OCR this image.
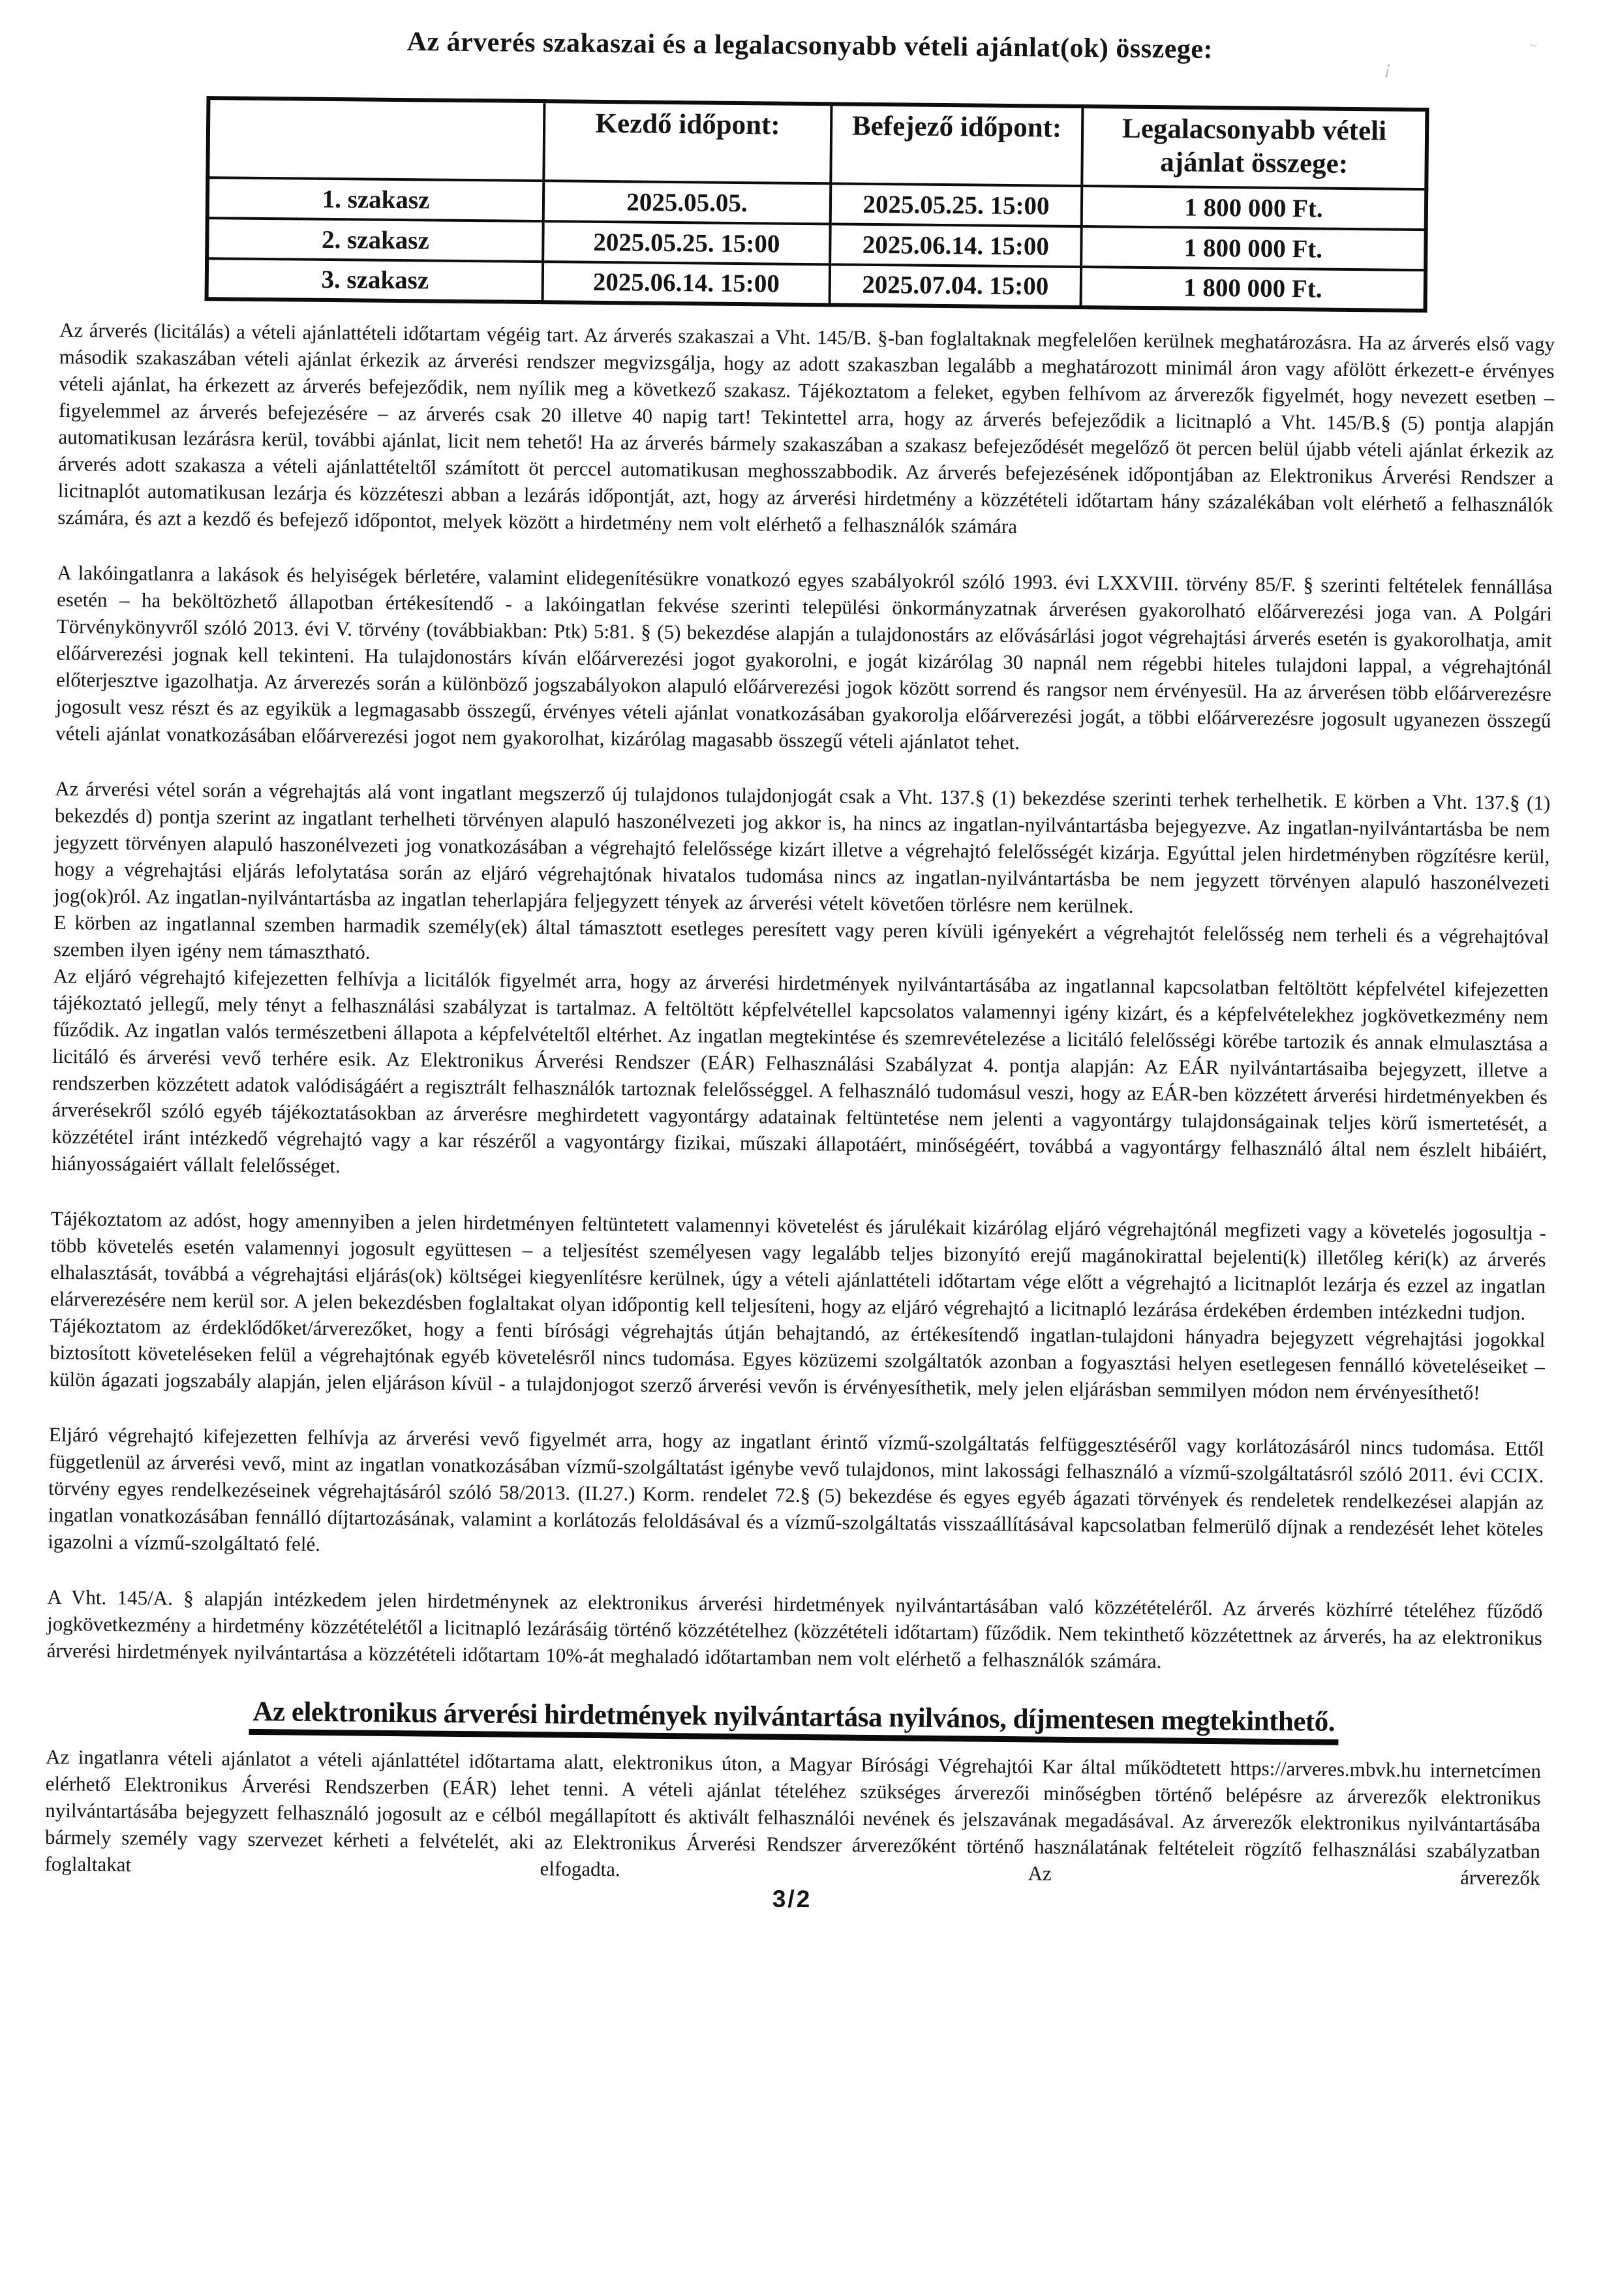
¡
˝
Az árverés szakaszai és a legalacsonyabb vételi ajánlat(ok) összege:
	Kezdő időpont:	Befejező időpont:	Legalacsonyabb vételi ajánlat összege:
1. szakasz	2025.05.05.	2025.05.25. 15:00	1 800 000 Ft.
2. szakasz	2025.05.25. 15:00	2025.06.14. 15:00	1 800 000 Ft.
3. szakasz	2025.06.14. 15:00	2025.07.04. 15:00	1 800 000 Ft.

Az árverés (licitálás) a vételi ajánlattételi időtartam végéig tart. Az árverés szakaszai a Vht. 145/B. §-ban foglaltaknak megfelelően kerülnek meghatározásra. Ha az árverés első vagy második szakaszában vételi ajánlat érkezik az árverési rendszer megvizsgálja, hogy az adott szakaszban legalább a meghatározott minimál áron vagy afölött érkezett-e érvényes vételi ajánlat, ha érkezett az árverés befejeződik, nem nyílik meg a következő szakasz. Tájékoztatom a feleket, egyben felhívom az árverezők figyelmét, hogy nevezett esetben – figyelemmel az árverés befejezésére – az árverés csak 20 illetve 40 napig tart! Tekintettel arra, hogy az árverés befejeződik a licitnapló a Vht. 145/B.§ (5) pontja alapján automatikusan lezárásra kerül, további ajánlat, licit nem tehető! Ha az árverés bármely szakaszában a szakasz befejeződését megelőző öt percen belül újabb vételi ajánlat érkezik az árverés adott szakasza a vételi ajánlattételtől számított öt perccel automatikusan meghosszabbodik. Az árverés befejezésének időpontjában az Elektronikus Árverési Rendszer a licitnaplót automatikusan lezárja és közzéteszi abban a lezárás időpontját, azt, hogy az árverési hirdetmény a közzétételi időtartam hány százalékában volt elérhető a felhasználók számára, és azt a kezdő és befejező időpontot, melyek között a hirdetmény nem volt elérhető a felhasználók számára

A lakóingatlanra a lakások és helyiségek bérletére, valamint elidegenítésükre vonatkozó egyes szabályokról szóló 1993. évi LXXVIII. törvény 85/F. § szerinti feltételek fennállása esetén – ha beköltözhető állapotban értékesítendő - a lakóingatlan fekvése szerinti települési önkormányzatnak árverésen gyakorolható előárverezési joga van. A Polgári Törvénykönyvről szóló 2013. évi V. törvény (továbbiakban: Ptk) 5:81. § (5) bekezdése alapján a tulajdonostárs az elővásárlási jogot végrehajtási árverés esetén is gyakorolhatja, amit előárverezési jognak kell tekinteni. Ha tulajdonostárs kíván előárverezési jogot gyakorolni, e jogát kizárólag 30 napnál nem régebbi hiteles tulajdoni lappal, a végrehajtónál előterjesztve igazolhatja. Az árverezés során a különböző jogszabályokon alapuló előárverezési jogok között sorrend és rangsor nem érvényesül. Ha az árverésen több előárverezésre jogosult vesz részt és az egyikük a legmagasabb összegű, érvényes vételi ajánlat vonatkozásában gyakorolja előárverezési jogát, a többi előárverezésre jogosult ugyanezen összegű vételi ajánlat vonatkozásában előárverezési jogot nem gyakorolhat, kizárólag magasabb összegű vételi ajánlatot tehet.

Az árverési vétel során a végrehajtás alá vont ingatlant megszerző új tulajdonos tulajdonjogát csak a Vht. 137.§ (1) bekezdése szerinti terhek terhelhetik. E körben a Vht. 137.§ (1) bekezdés d) pontja szerint az ingatlant terhelheti törvényen alapuló haszonélvezeti jog akkor is, ha nincs az ingatlan-nyilvántartásba bejegyezve. Az ingatlan-nyilvántartásba be nem jegyzett törvényen alapuló haszonélvezeti jog vonatkozásában a végrehajtó felelőssége kizárt illetve a végrehajtó felelősségét kizárja. Egyúttal jelen hirdetményben rögzítésre kerül, hogy a végrehajtási eljárás lefolytatása során az eljáró végrehajtónak hivatalos tudomása nincs az ingatlan-nyilvántartásba be nem jegyzett törvényen alapuló haszonélvezeti jog(ok)ról. Az ingatlan-nyilvántartásba az ingatlan teherlapjára feljegyzett tények az árverési vételt követően törlésre nem kerülnek.

E körben az ingatlannal szemben harmadik személy(ek) által támasztott esetleges peresített vagy peren kívüli igényekért a végrehajtót felelősség nem terheli és a végrehajtóval szemben ilyen igény nem támasztható.

Az eljáró végrehajtó kifejezetten felhívja a licitálók figyelmét arra, hogy az árverési hirdetmények nyilvántartásába az ingatlannal kapcsolatban feltöltött képfelvétel kifejezetten tájékoztató jellegű, mely tényt a felhasználási szabályzat is tartalmaz. A feltöltött képfelvétellel kapcsolatos valamennyi igény kizárt, és a képfelvételekhez jogkövetkezmény nem fűződik. Az ingatlan valós természetbeni állapota a képfelvételtől eltérhet. Az ingatlan megtekintése és szemrevételezése a licitáló felelősségi körébe tartozik és annak elmulasztása a licitáló és árverési vevő terhére esik. Az Elektronikus Árverési Rendszer (EÁR) Felhasználási Szabályzat 4. pontja alapján: Az EÁR nyilvántartásaiba bejegyzett, illetve a rendszerben közzétett adatok valódiságáért a regisztrált felhasználók tartoznak felelősséggel. A felhasználó tudomásul veszi, hogy az EÁR-ben közzétett árverési hirdetményekben és árverésekről szóló egyéb tájékoztatásokban az árverésre meghirdetett vagyontárgy adatainak feltüntetése nem jelenti a vagyontárgy tulajdonságainak teljes körű ismertetését, a közzététel iránt intézkedő végrehajtó vagy a kar részéről a vagyontárgy fizikai, műszaki állapotáért, minőségéért, továbbá a vagyontárgy felhasználó által nem észlelt hibáiért, hiányosságaiért vállalt felelősséget.

Tájékoztatom az adóst, hogy amennyiben a jelen hirdetményen feltüntetett valamennyi követelést és járulékait kizárólag eljáró végrehajtónál megfizeti vagy a követelés jogosultja - több követelés esetén valamennyi jogosult együttesen – a teljesítést személyesen vagy legalább teljes bizonyító erejű magánokirattal bejelenti(k) illetőleg kéri(k) az árverés elhalasztását, továbbá a végrehajtási eljárás(ok) költségei kiegyenlítésre kerülnek, úgy a vételi ajánlattételi időtartam vége előtt a végrehajtó a licitnaplót lezárja és ezzel az ingatlan elárverezésére nem kerül sor. A jelen bekezdésben foglaltakat olyan időpontig kell teljesíteni, hogy az eljáró végrehajtó a licitnapló lezárása érdekében érdemben intézkedni tudjon.

Tájékoztatom az érdeklődőket/árverezőket, hogy a fenti bírósági végrehajtás útján behajtandó, az értékesítendő ingatlan-tulajdoni hányadra bejegyzett végrehajtási jogokkal biztosított követeléseken felül a végrehajtónak egyéb követelésről nincs tudomása. Egyes közüzemi szolgáltatók azonban a fogyasztási helyen esetlegesen fennálló követeléseiket – külön ágazati jogszabály alapján, jelen eljáráson kívül - a tulajdonjogot szerző árverési vevőn is érvényesíthetik, mely jelen eljárásban semmilyen módon nem érvényesíthető!

Eljáró végrehajtó kifejezetten felhívja az árverési vevő figyelmét arra, hogy az ingatlant érintő vízmű-szolgáltatás felfüggesztéséről vagy korlátozásáról nincs tudomása. Ettől függetlenül az árverési vevő, mint az ingatlan vonatkozásában vízmű-szolgáltatást igénybe vevő tulajdonos, mint lakossági felhasználó a vízmű-szolgáltatásról szóló 2011. évi CCIX. törvény egyes rendelkezéseinek végrehajtásáról szóló 58/2013. (II.27.) Korm. rendelet 72.§ (5) bekezdése és egyes egyéb ágazati törvények és rendeletek rendelkezései alapján az ingatlan vonatkozásában fennálló díjtartozásának, valamint a korlátozás feloldásával és a vízmű-szolgáltatás visszaállításával kapcsolatban felmerülő díjnak a rendezését lehet köteles igazolni a vízmű-szolgáltató felé.

A Vht. 145/A. § alapján intézkedem jelen hirdetménynek az elektronikus árverési hirdetmények nyilvántartásában való közzétételéről. Az árverés közhírré tételéhez fűződő jogkövetkezmény a hirdetmény közzétételétől a licitnapló lezárásáig történő közzétételhez (közzétételi időtartam) fűződik. Nem tekinthető közzétettnek az árverés, ha az elektronikus árverési hirdetmények nyilvántartása a közzétételi időtartam 10%-át meghaladó időtartamban nem volt elérhető a felhasználók számára.

Az elektronikus árverési hirdetmények nyilvántartása nyilvános, díjmentesen megtekinthető.

Az ingatlanra vételi ajánlatot a vételi ajánlattétel időtartama alatt, elektronikus úton, a Magyar Bírósági Végrehajtói Kar által működtetett https://arveres.mbvk.hu internetcímen elérhető Elektronikus Árverési Rendszerben (EÁR) lehet tenni. A vételi ajánlat tételéhez szükséges árverezői minőségben történő belépésre az árverezők elektronikus nyilvántartásába bejegyzett felhasználó jogosult az e célból megállapított és aktivált felhasználói nevének és jelszavának megadásával. Az árverezők elektronikus nyilvántartásába bármely személy vagy szervezet kérheti a felvételét, aki az Elektronikus Árverési Rendszer árverezőként történő használatának feltételeit rögzítő felhasználási szabályzatban foglaltakat elfogadta. Az árverezők

3/2
